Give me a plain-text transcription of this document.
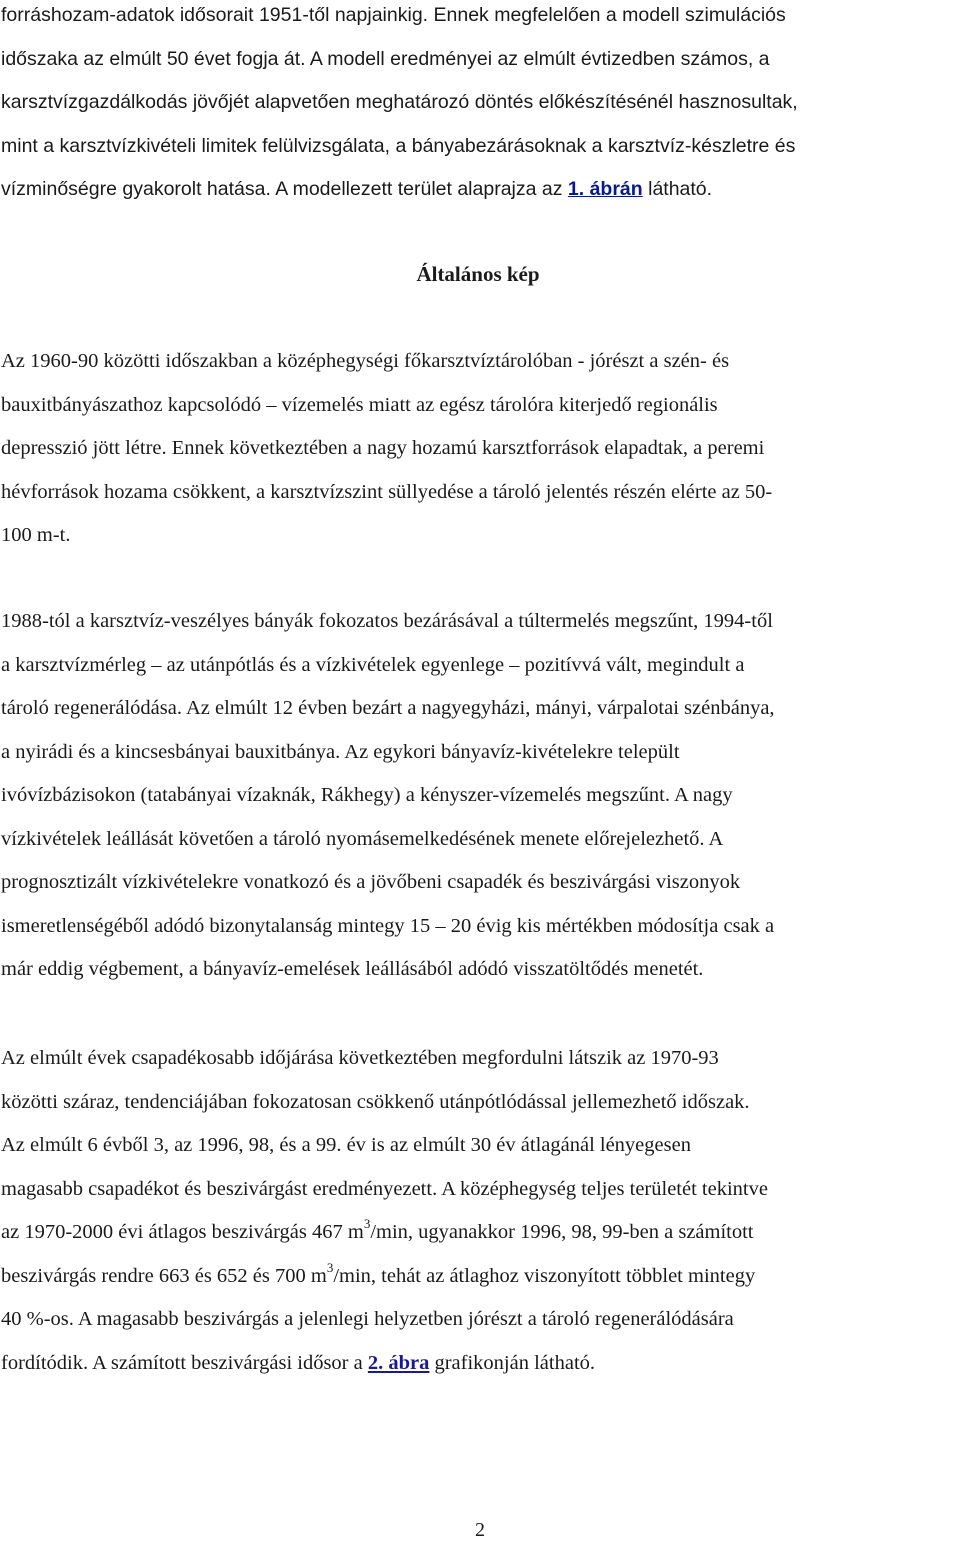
forráshozam-adatok idősorait 1951-től napjainkig. Ennek megfelelően a modell szimulációs
időszaka az elmúlt 50 évet fogja át. A modell eredményei az elmúlt évtizedben számos, a
karsztvízgazdálkodás jövőjét alapvetően meghatározó döntés előkészítésénél hasznosultak,
mint a karsztvízkivételi limitek felülvizsgálata, a bányabezárásoknak a karsztvíz-készletre és
vízminőségre gyakorolt hatása. A modellezett terület alaprajza az 1. ábrán látható.

Általános kép

Az 1960-90 közötti időszakban a középhegységi főkarsztvíztárolóban - jórészt a szén- és
bauxitbányászathoz kapcsolódó – vízemelés miatt az egész tárolóra kiterjedő regionális
depresszió jött létre. Ennek következtében a nagy hozamú karsztforrások elapadtak, a peremi
hévforrások hozama csökkent, a karsztvízszint süllyedése a tároló jelentés részén elérte az 50-
100 m-t.

1988-tól a karsztvíz-veszélyes bányák fokozatos bezárásával a túltermelés megszűnt, 1994-től
a karsztvízmérleg – az utánpótlás és a vízkivételek egyenlege – pozitívvá vált, megindult a
tároló regenerálódása. Az elmúlt 12 évben bezárt a nagyegyházi, mányi, várpalotai szénbánya,
a nyirádi és a kincsesbányai bauxitbánya. Az egykori bányavíz-kivételekre települt
ivóvízbázisokon (tatabányai vízaknák, Rákhegy) a kényszer-vízemelés megszűnt. A nagy
vízkivételek leállását követően a tároló nyomásemelkedésének menete előrejelezhető. A
prognosztizált vízkivételekre vonatkozó és a jövőbeni csapadék és beszivárgási viszonyok
ismeretlenségéből adódó bizonytalanság mintegy 15 – 20 évig kis mértékben módosítja csak a
már eddig végbement, a bányavíz-emelések leállásából adódó visszatöltődés menetét.

Az elmúlt évek csapadékosabb időjárása következtében megfordulni látszik az 1970-93
közötti száraz, tendenciájában fokozatosan csökkenő utánpótlódással jellemezhető időszak.
Az elmúlt 6 évből 3, az 1996, 98, és a 99. év is az elmúlt 30 év átlagánál lényegesen
magasabb csapadékot és beszivárgást eredményezett. A középhegység teljes területét tekintve
az 1970-2000 évi átlagos beszivárgás 467 $m^3/\min$, ugyanakkor 1996, 98, 99-ben a számított
beszivárgás rendre 663 és 652 és 700 $m^3/\min$, tehát az átlaghoz viszonyított többlet mintegy
40 %-os. A magasabb beszivárgás a jelenlegi helyzetben jórészt a tároló regenerálódására
fordítódik. A számított beszivárgási idősor a 2. ábra grafikonján látható.

2
